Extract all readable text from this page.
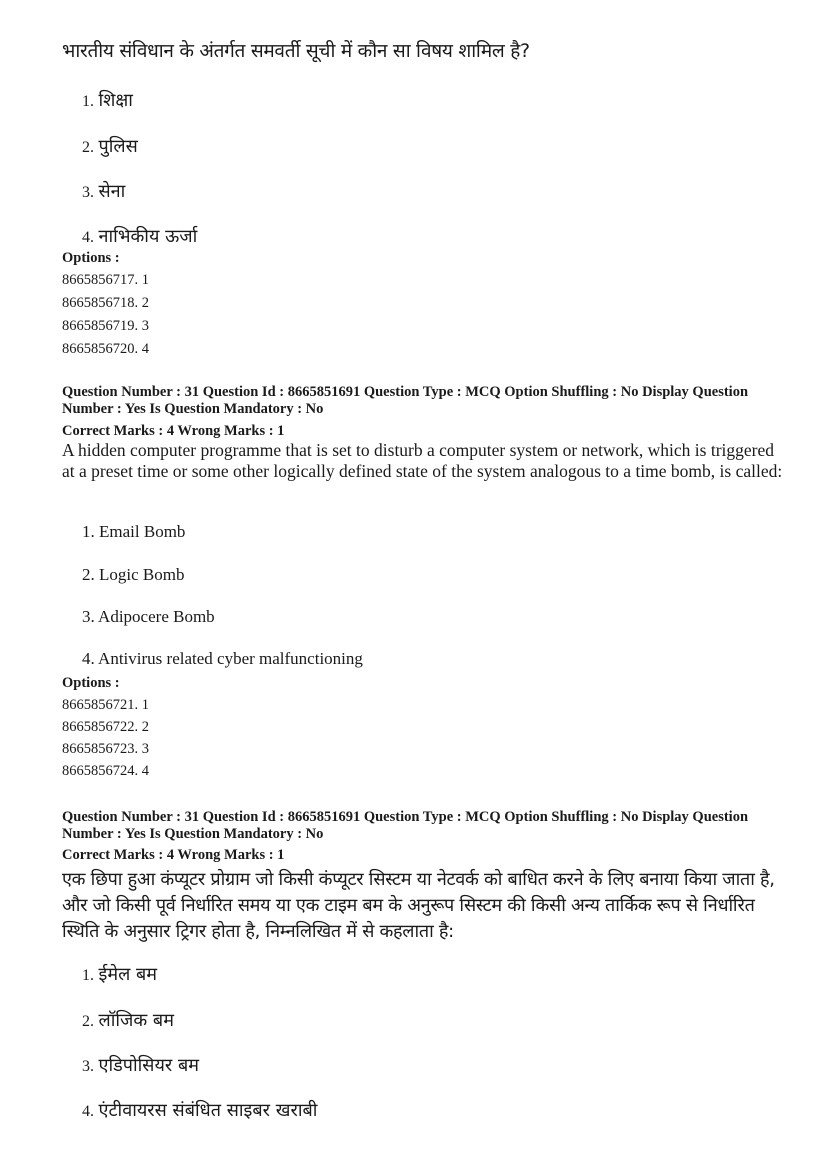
भारतीय संविधान के अंतर्गत समवर्ती सूची में कौन सा विषय शामिल है?

1. शिक्षा

2. पुलिस

3. सेना

4. नाभिकीय ऊर्जा

Options :

8665856717. 1

8665856718. 2

8665856719. 3

8665856720. 4

Question Number : 31 Question Id : 8665851691 Question Type : MCQ Option Shuffling : No Display Question
Number : Yes Is Question Mandatory : No

Correct Marks : 4 Wrong Marks : 1

A hidden computer programme that is set to disturb a computer system or network, which is triggered at a preset time or some other logically defined state of the system analogous to a time bomb, is called:

1. Email Bomb

2. Logic Bomb

3. Adipocere Bomb

4. Antivirus related cyber malfunctioning

Options :

8665856721. 1

8665856722. 2

8665856723. 3

8665856724. 4

Question Number : 31 Question Id : 8665851691 Question Type : MCQ Option Shuffling : No Display Question
Number : Yes Is Question Mandatory : No

Correct Marks : 4 Wrong Marks : 1

एक छिपा हुआ कंप्यूटर प्रोग्राम जो किसी कंप्यूटर सिस्टम या नेटवर्क को बाधित करने के लिए बनाया किया जाता है, और जो किसी पूर्व निर्धारित समय या एक टाइम बम के अनुरूप सिस्टम की किसी अन्य तार्किक रूप से निर्धारित स्थिति के अनुसार ट्रिगर होता है, निम्नलिखित में से कहलाता है:

1. ईमेल बम

2. लॉजिक बम

3. एडिपोसियर बम

4. एंटीवायरस संबंधित साइबर खराबी
